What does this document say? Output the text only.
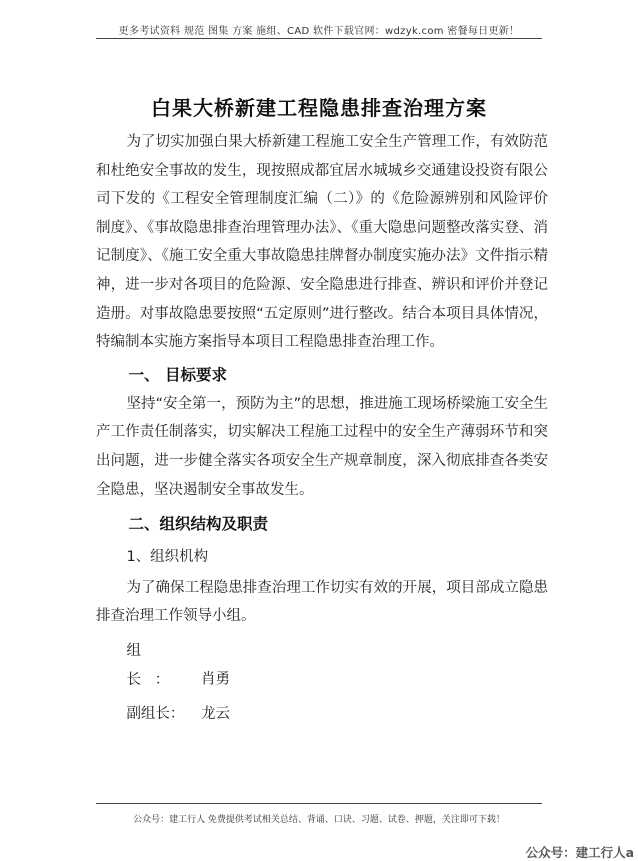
更多考试资料 规范 图集 方案 施组、CAD 软件下载官网：wdzyk.com 密餐每日更新！
白果大桥新建工程隐患排查治理方案

为了切实加强白果大桥新建工程施工安全生产管理工作，有效防范和杜绝安全事故的发生，现按照成都宜居水城城乡交通建设投资有限公司下发的《工程安全管理制度汇编（二）》的《危险源辨别和风险评价制度》、《事故隐患排查治理管理办法》、《重大隐患问题整改落实登、消记制度》、《施工安全重大事故隐患挂牌督办制度实施办法》文件指示精神，进一步对各项目的危险源、安全隐患进行排查、辨识和评价并登记造册。对事故隐患要按照“五定原则”进行整改。结合本项目具体情况，特编制本实施方案指导本项目工程隐患排查治理工作。

一、 目标要求

坚持“安全第一，预防为主”的思想，推进施工现场桥梁施工安全生产工作责任制落实，切实解决工程施工过程中的安全生产薄弱环节和突出问题，进一步健全落实各项安全生产规章制度，深入彻底排查各类安全隐患，坚决遏制安全事故发生。

二、组织结构及职责

1、组织机构

为了确保工程隐患排查治理工作切实有效的开展，项目部成立隐患排查治理工作领导小组。

组长： 肖勇

副组长： 龙云

公众号：建工行人 免费提供考试相关总结、背诵、口诀、习题、试卷、押题，关注即可下载！
公众号：建工行人a
